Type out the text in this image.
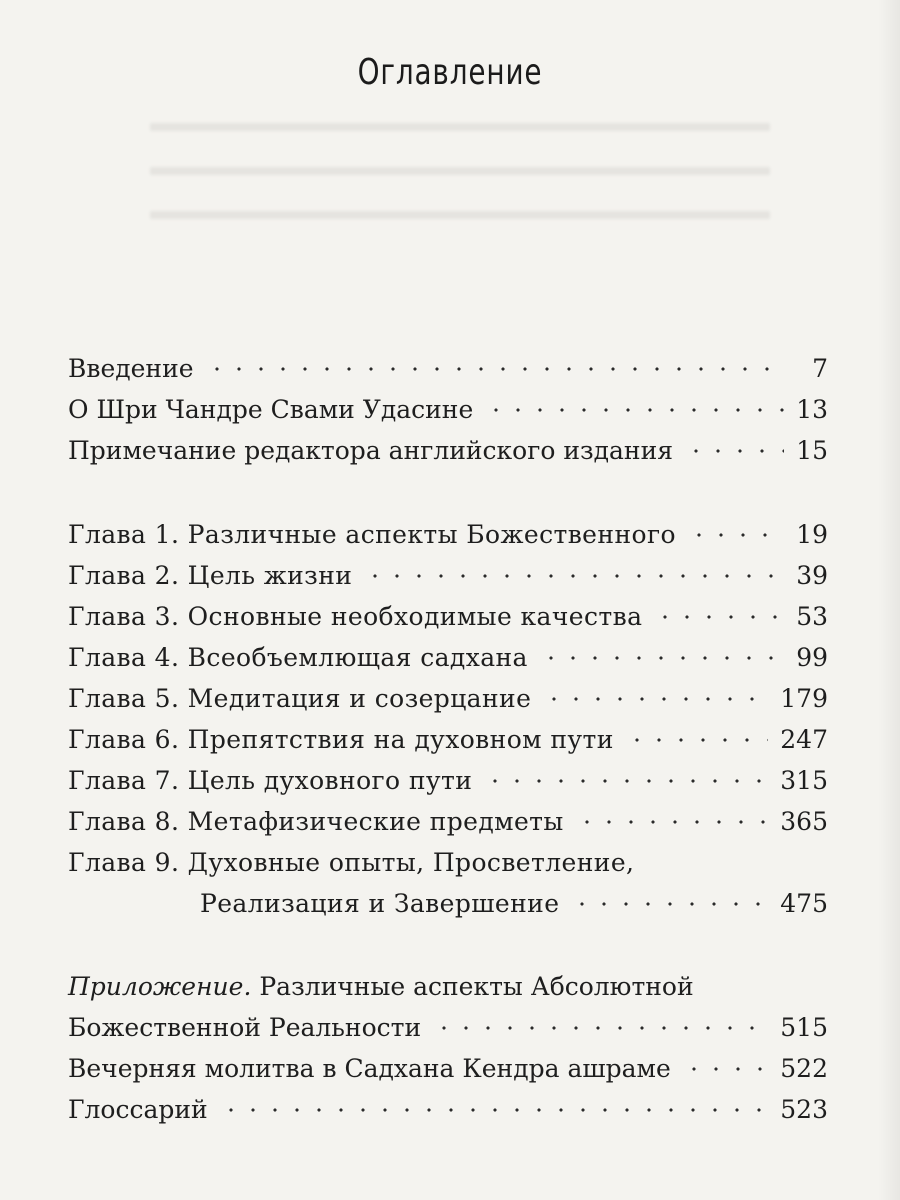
Оглавление
Введение	7
О Шри Чандре Свами Удасине	13
Примечание редактора английского издания	15
Глава 1. Различные аспекты Божественного	19
Глава 2. Цель жизни	39
Глава 3. Основные необходимые качества	53
Глава 4. Всеобъемлющая садхана	99
Глава 5. Медитация и созерцание	179
Глава 6. Препятствия на духовном пути	247
Глава 7. Цель духовного пути	315
Глава 8. Метафизические предметы	365
Глава 9. Духовные опыты, Просветление,
Реализация и Завершение	475
Приложение. Различные аспекты Абсолютной
Божественной Реальности	515
Вечерняя молитва в Садхана Кендра ашраме	522
Глоссарий	523
